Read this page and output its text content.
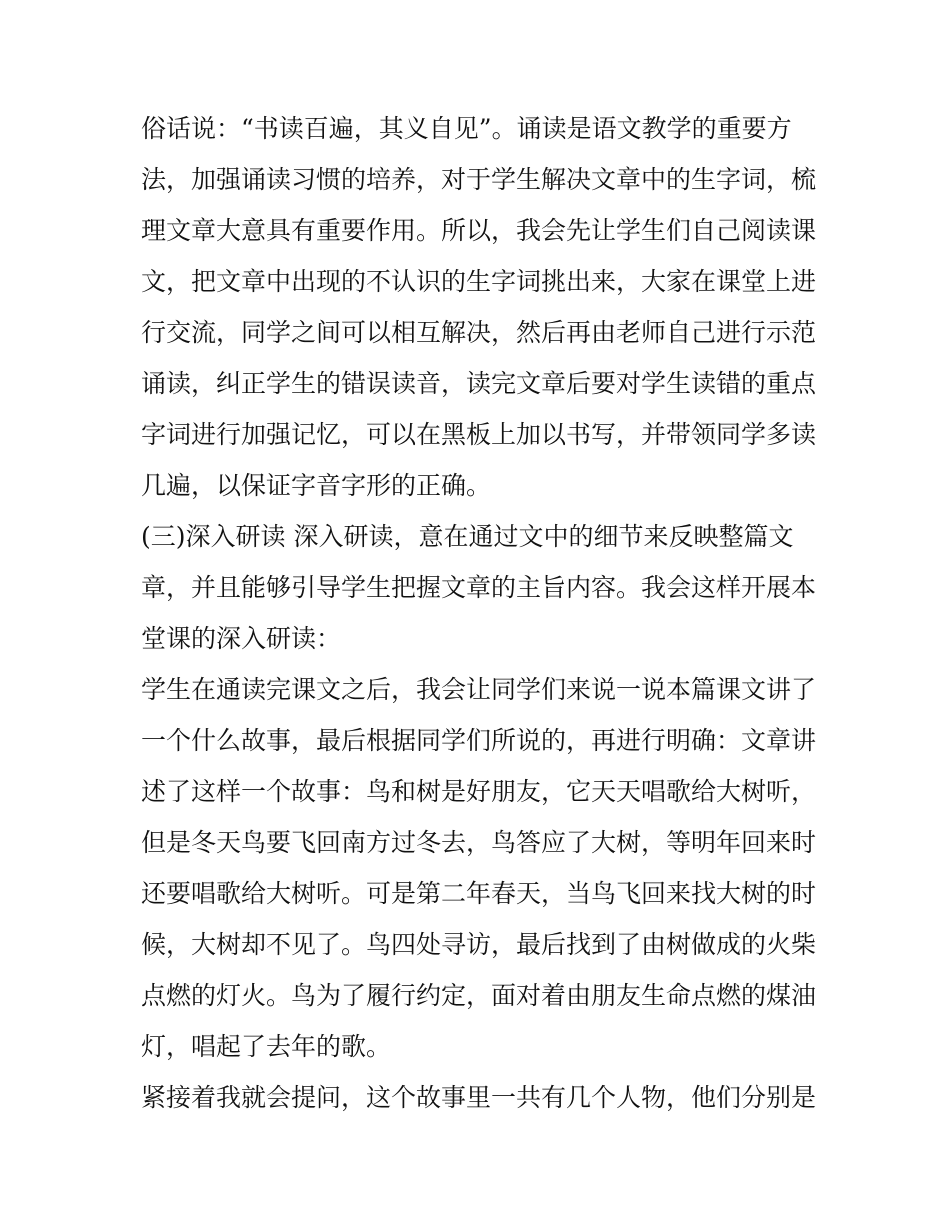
俗话说：“书读百遍，其义自见”。诵读是语文教学的重要方
法，加强诵读习惯的培养，对于学生解决文章中的生字词，梳
理文章大意具有重要作用。所以，我会先让学生们自己阅读课
文，把文章中出现的不认识的生字词挑出来，大家在课堂上进
行交流，同学之间可以相互解决，然后再由老师自己进行示范
诵读，纠正学生的错误读音，读完文章后要对学生读错的重点
字词进行加强记忆，可以在黑板上加以书写，并带领同学多读
几遍，以保证字音字形的正确。
(三)深入研读 深入研读，意在通过文中的细节来反映整篇文
章，并且能够引导学生把握文章的主旨内容。我会这样开展本
堂课的深入研读：
学生在通读完课文之后，我会让同学们来说一说本篇课文讲了
一个什么故事，最后根据同学们所说的，再进行明确：文章讲
述了这样一个故事：鸟和树是好朋友，它天天唱歌给大树听，
但是冬天鸟要飞回南方过冬去，鸟答应了大树，等明年回来时
还要唱歌给大树听。可是第二年春天，当鸟飞回来找大树的时
候，大树却不见了。鸟四处寻访，最后找到了由树做成的火柴
点燃的灯火。鸟为了履行约定，面对着由朋友生命点燃的煤油
灯，唱起了去年的歌。
紧接着我就会提问，这个故事里一共有几个人物，他们分别是
